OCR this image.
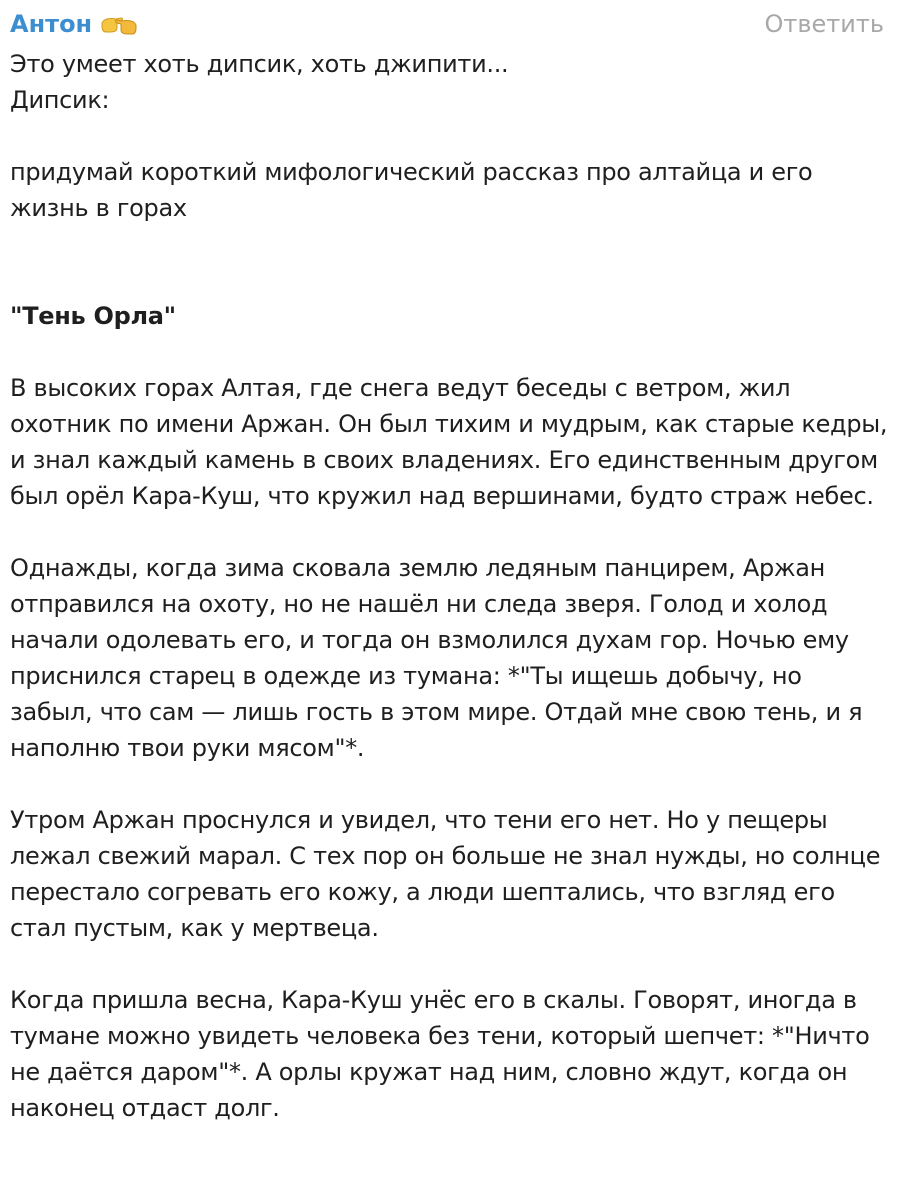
Антон	Ответить

Это умеет хоть дипсик, хоть джипити...

Дипсик:

придумай короткий мифологический рассказ про алтайца и его жизнь в горах

"Тень Орла"

В высоких горах Алтая, где снега ведут беседы с ветром, жил охотник по имени Аржан. Он был тихим и мудрым, как старые кедры, и знал каждый камень в своих владениях. Его единственным другом был орёл Кара-Куш, что кружил над вершинами, будто страж небес.

Однажды, когда зима сковала землю ледяным панцирем, Аржан отправился на охоту, но не нашёл ни следа зверя. Голод и холод начали одолевать его, и тогда он взмолился духам гор. Ночью ему приснился старец в одежде из тумана: *"Ты ищешь добычу, но забыл, что сам — лишь гость в этом мире. Отдай мне свою тень, и я наполню твои руки мясом"*.

Утром Аржан проснулся и увидел, что тени его нет. Но у пещеры лежал свежий марал. С тех пор он больше не знал нужды, но солнце перестало согревать его кожу, а люди шептались, что взгляд его стал пустым, как у мертвеца.

Когда пришла весна, Кара-Куш унёс его в скалы. Говорят, иногда в тумане можно увидеть человека без тени, который шепчет: *"Ничто не даётся даром"*. А орлы кружат над ним, словно ждут, когда он наконец отдаст долг.
